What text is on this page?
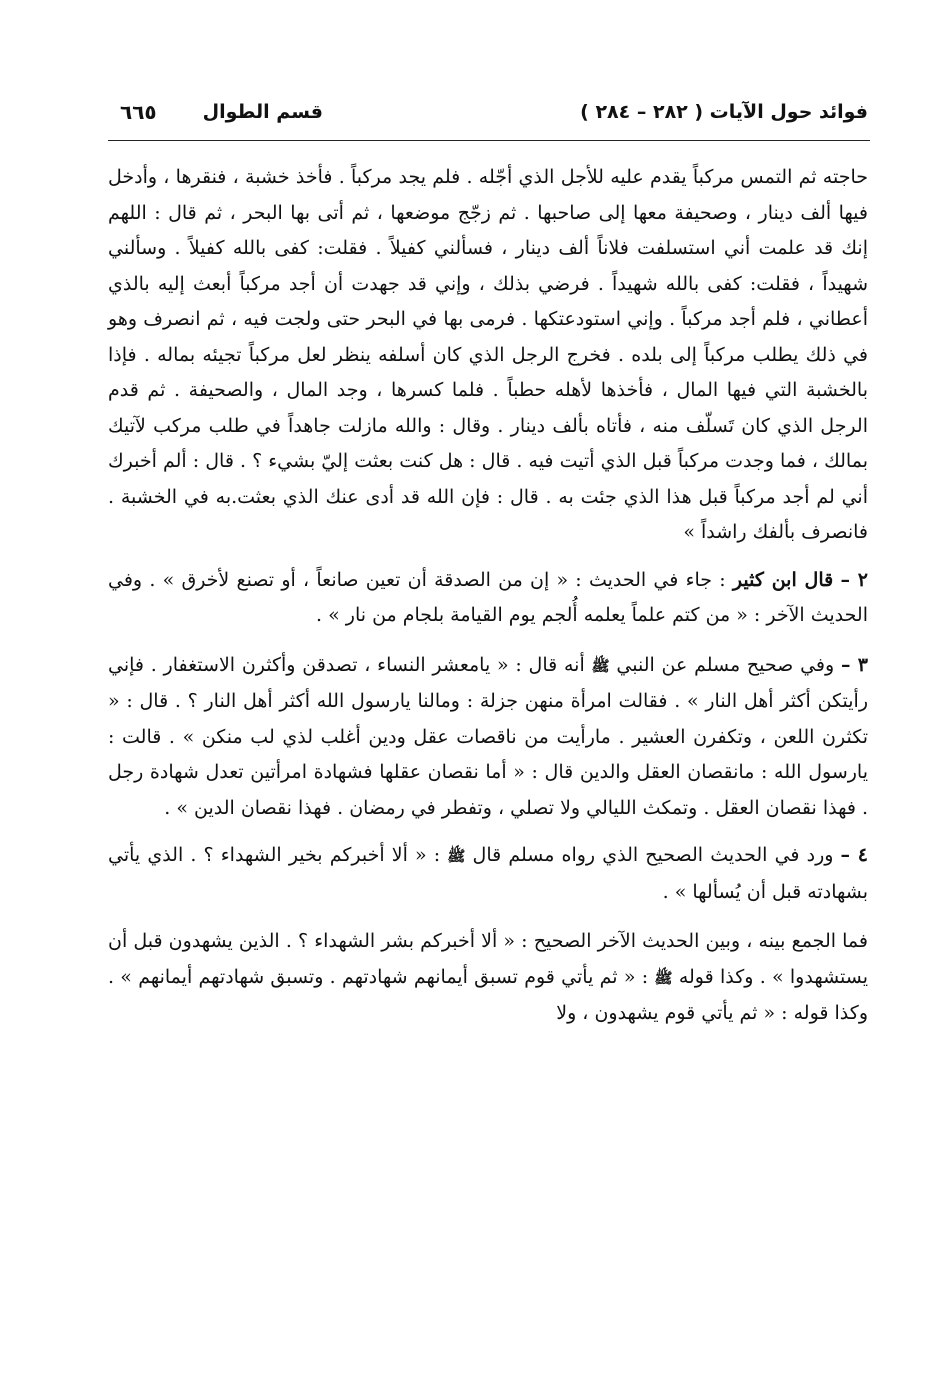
فوائد حول الآيات ( ٢٨٢ – ٢٨٤ )
قسم الطوال
٦٦٥

حاجته ثم التمس مركباً يقدم عليه للأجل الذي أجّله . فلم يجد مركباً . فأخذ خشبة ، فنقرها ، وأدخل فيها ألف دينار ، وصحيفة معها إلى صاحبها . ثم زجّج موضعها ، ثم أتى بها البحر ، ثم قال : اللهم إنك قد علمت أني استسلفت فلاناً ألف دينار ، فسألني كفيلاً . فقلت: كفى بالله كفيلاً . وسألني شهيداً ، فقلت: كفى بالله شهيداً . فرضي بذلك ، وإني قد جهدت أن أجد مركباً أبعث إليه بالذي أعطاني ، فلم أجد مركباً . وإني استودعتكها . فرمى بها في البحر حتى ولجت فيه ، ثم انصرف وهو في ذلك يطلب مركباً إلى بلده . فخرج الرجل الذي كان أسلفه ينظر لعل مركباً تجيئه بماله . فإذا بالخشبة التي فيها المال ، فأخذها لأهله حطباً . فلما كسرها ، وجد المال ، والصحيفة . ثم قدم الرجل الذي كان تَسلّف منه ، فأتاه بألف دينار . وقال : والله مازلت جاهداً في طلب مركب لآتيك بمالك ، فما وجدت مركباً قبل الذي أتيت فيه . قال : هل كنت بعثت إليّ بشيء ؟ . قال : ألم أخبرك أني لم أجد مركباً قبل هذا الذي جئت به . قال : فإن الله قد أدى عنك الذي بعثت.به في الخشبة . فانصرف بألفك راشداً »

٢ – قال ابن كثير : جاء في الحديث : « إن من الصدقة أن تعين صانعاً ، أو تصنع لأخرق » . وفي الحديث الآخر : « من كتم علماً يعلمه أُلجم يوم القيامة بلجام من نار » .

٣ – وفي صحيح مسلم عن النبي ﷺ أنه قال : « يامعشر النساء ، تصدقن وأكثرن الاستغفار . فإني رأيتكن أكثر أهل النار » . فقالت امرأة منهن جزلة : ومالنا يارسول الله أكثر أهل النار ؟ . قال : « تكثرن اللعن ، وتكفرن العشير . مارأيت من ناقصات عقل ودين أغلب لذي لب منكن » . قالت : يارسول الله : مانقصان العقل والدين قال : « أما نقصان عقلها فشهادة امرأتين تعدل شهادة رجل . فهذا نقصان العقل . وتمكث الليالي ولا تصلي ، وتفطر في رمضان . فهذا نقصان الدين » .

٤ – ورد في الحديث الصحيح الذي رواه مسلم قال ﷺ : « ألا أخبركم بخير الشهداء ؟ . الذي يأتي بشهادته قبل أن يُسألها » .

فما الجمع بينه ، وبين الحديث الآخر الصحيح : « ألا أخبركم بشر الشهداء ؟ . الذين يشهدون قبل أن يستشهدوا » . وكذا قوله ﷺ : « ثم يأتي قوم تسبق أيمانهم شهادتهم . وتسبق شهادتهم أيمانهم » . وكذا قوله : « ثم يأتي قوم يشهدون ، ولا
